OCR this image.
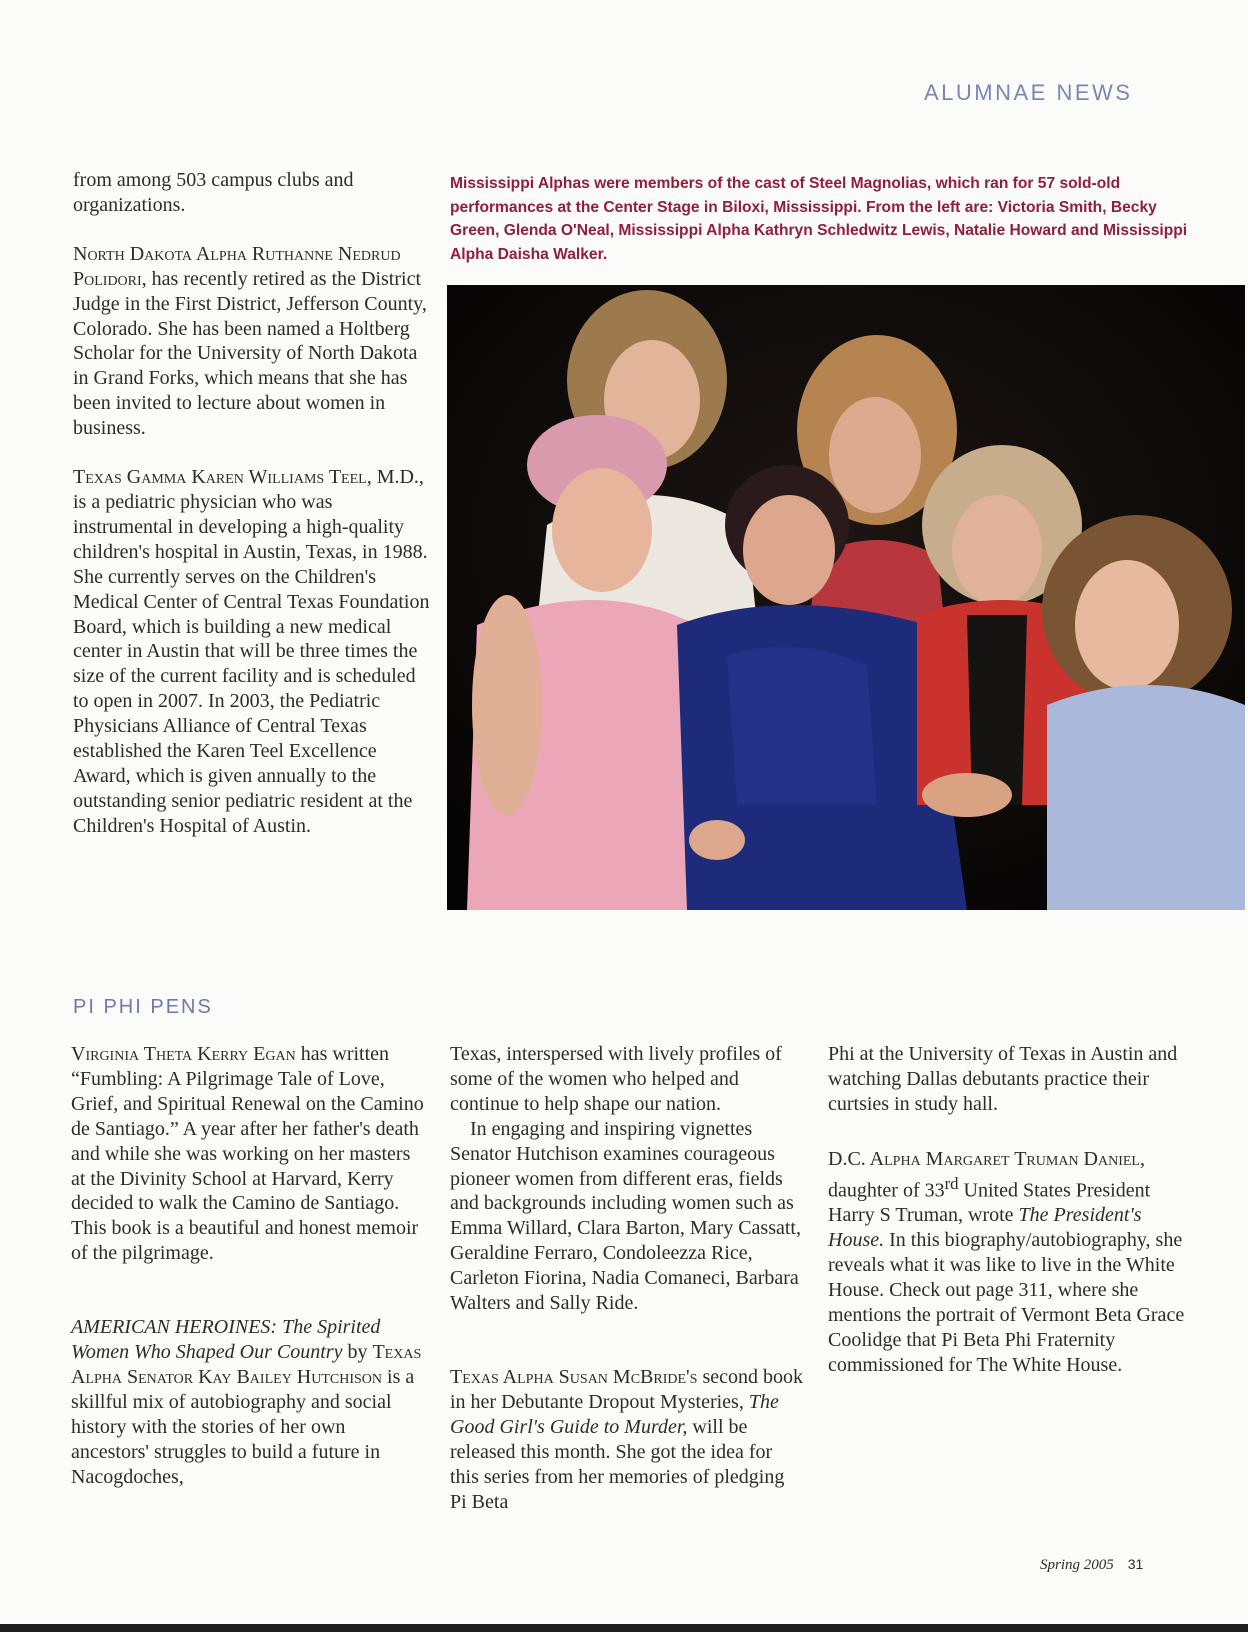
ALUMNAE NEWS

from among 503 campus clubs and organizations.

North Dakota Alpha Ruthanne Nedrud Polidori, has recently retired as the District Judge in the First District, Jefferson County, Colorado. She has been named a Holtberg Scholar for the University of North Dakota in Grand Forks, which means that she has been invited to lecture about women in business.

Texas Gamma Karen Williams Teel, M.D., is a pediatric physician who was instrumental in developing a high-quality children's hospital in Austin, Texas, in 1988. She currently serves on the Children's Medical Center of Central Texas Foundation Board, which is building a new medical center in Austin that will be three times the size of the current facility and is scheduled to open in 2007. In 2003, the Pediatric Physicians Alliance of Central Texas established the Karen Teel Excellence Award, which is given annually to the outstanding senior pediatric resident at the Children's Hospital of Austin.

Mississippi Alphas were members of the cast of Steel Magnolias, which ran for 57 sold-old performances at the Center Stage in Biloxi, Mississippi. From the left are: Victoria Smith, Becky Green, Glenda O'Neal, Mississippi Alpha Kathryn Schledwitz Lewis, Natalie Howard and Mississippi Alpha Daisha Walker.
PI PHI PENS

Virginia Theta Kerry Egan has written “Fumbling: A Pilgrimage Tale of Love, Grief, and Spiritual Renewal on the Camino de Santiago.” A year after her father's death and while she was working on her masters at the Divinity School at Harvard, Kerry decided to walk the Camino de Santiago. This book is a beautiful and honest memoir of the pilgrimage.

AMERICAN HEROINES: The Spirited Women Who Shaped Our Country by Texas Alpha Senator Kay Bailey Hutchison is a skillful mix of autobiography and social history with the stories of her own ancestors' struggles to build a future in Nacogdoches,

Texas, interspersed with lively profiles of some of the women who helped and continue to help shape our nation.

In engaging and inspiring vignettes Senator Hutchison examines courageous pioneer women from different eras, fields and backgrounds including women such as Emma Willard, Clara Barton, Mary Cassatt, Geraldine Ferraro, Condoleezza Rice, Carleton Fiorina, Nadia Comaneci, Barbara Walters and Sally Ride.

Texas Alpha Susan McBride's second book in her Debutante Dropout Mysteries, The Good Girl's Guide to Murder, will be released this month. She got the idea for this series from her memories of pledging Pi Beta

Phi at the University of Texas in Austin and watching Dallas debutants practice their curtsies in study hall.

D.C. Alpha Margaret Truman Daniel, daughter of 33rd United States President Harry S Truman, wrote The President's House. In this biography/autobiography, she reveals what it was like to live in the White House. Check out page 311, where she mentions the portrait of Vermont Beta Grace Coolidge that Pi Beta Phi Fraternity commissioned for The White House.

Spring 2005 31
